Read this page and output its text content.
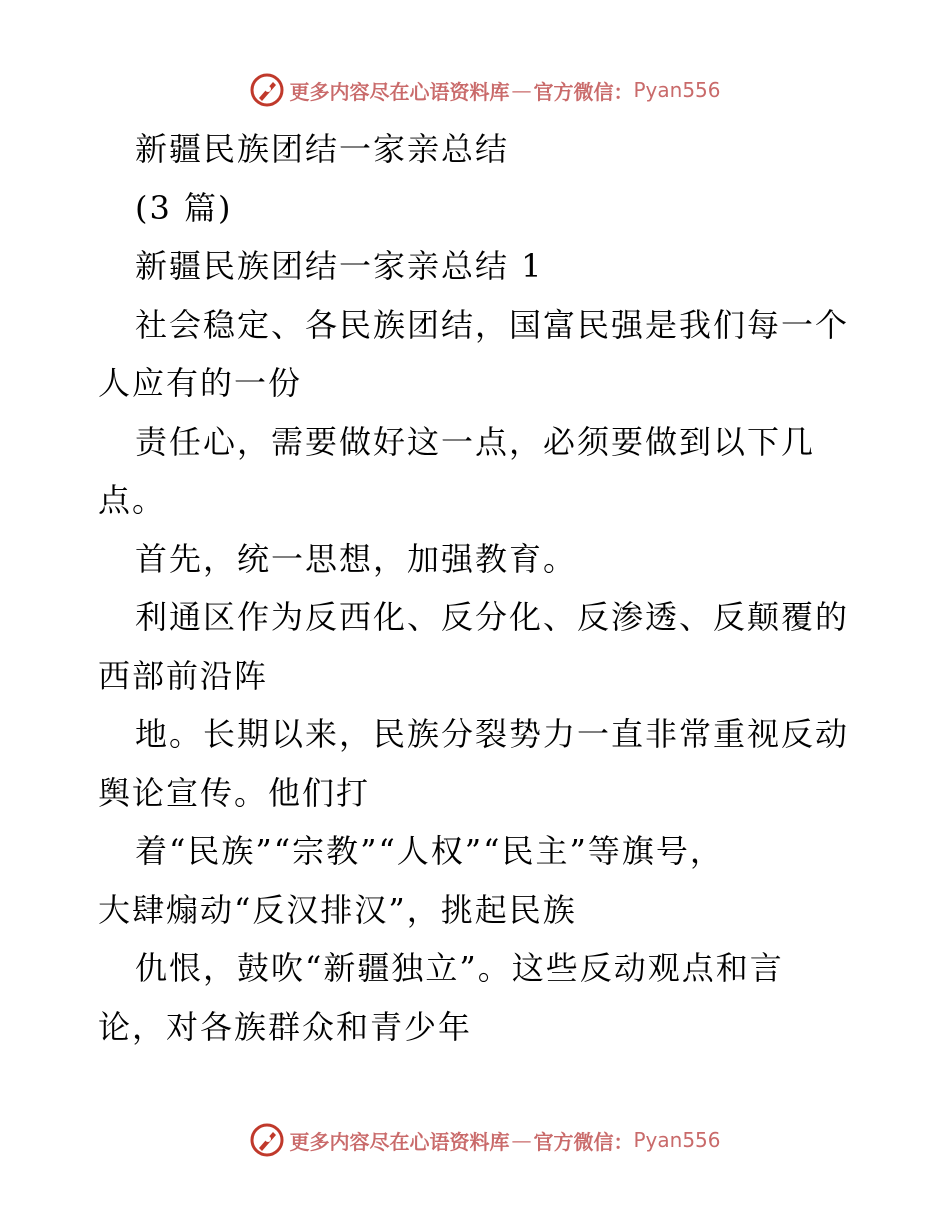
更多内容尽在心语资料库 — 官方微信： Pyan556
新疆民族团结一家亲总结
(3 篇)
新疆民族团结一家亲总结 1
社会稳定、各民族团结，国富民强是我们每一个
人应有的一份
责任心，需要做好这一点，必须要做到以下几
点。
首先，统一思想，加强教育。
利通区作为反西化、反分化、反渗透、反颠覆的
西部前沿阵
地。长期以来，民族分裂势力一直非常重视反动
舆论宣传。他们打
着“民族”“宗教”“人权”“民主”等旗号，
大肆煽动“反汉排汉”，挑起民族
仇恨，鼓吹“新疆独立”。这些反动观点和言
论，对各族群众和青少年
更多内容尽在心语资料库 — 官方微信： Pyan556
